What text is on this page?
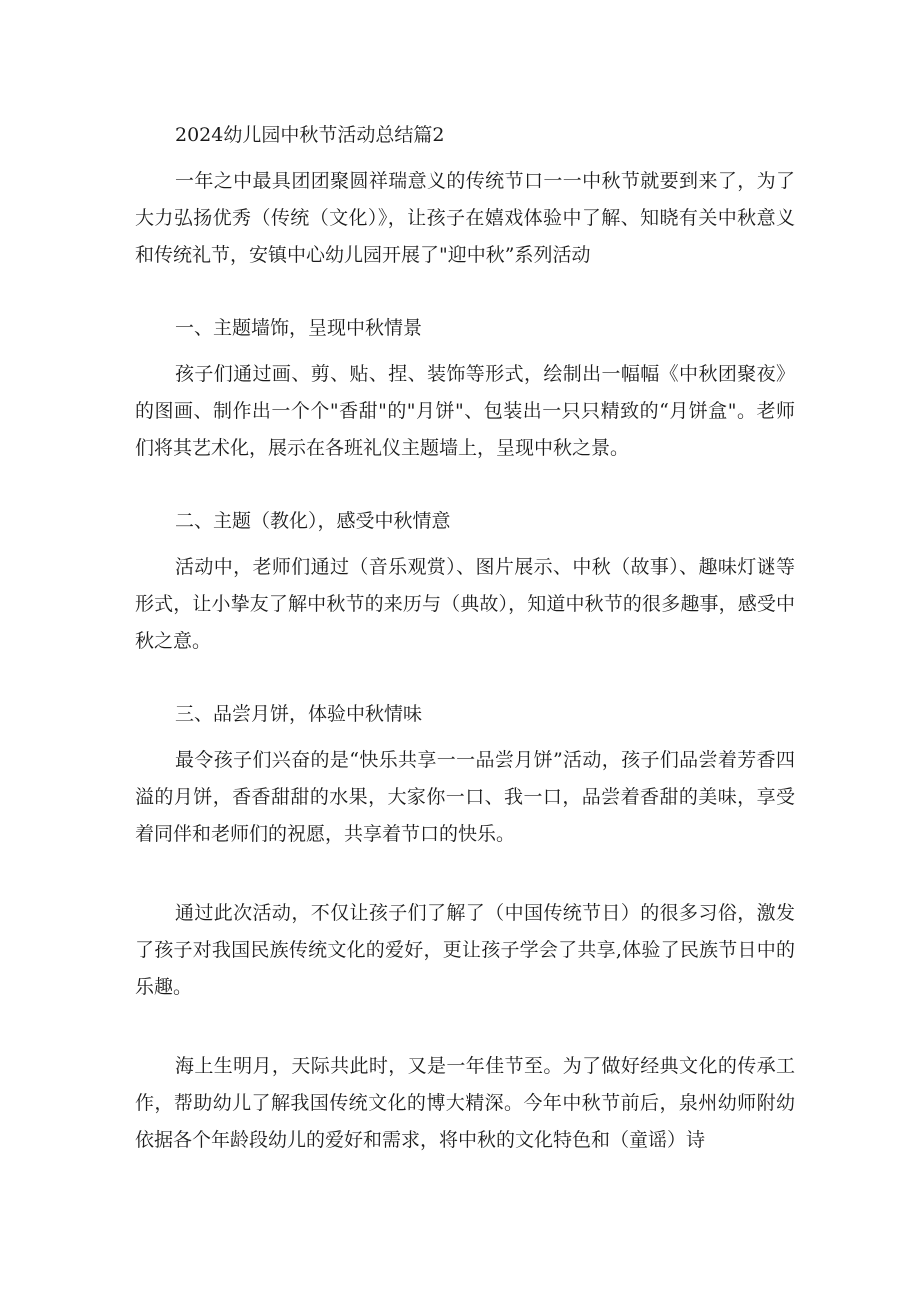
2024幼儿园中秋节活动总结篇2

一年之中最具团团聚圆祥瑞意义的传统节口一一中秋节就要到来了，为了大力弘扬优秀（传统（文化）》，让孩子在嬉戏体验中了解、知晓有关中秋意义和传统礼节，安镇中心幼儿园开展了"迎中秋”系列活动

一、主题墙饰，呈现中秋情景

孩子们通过画、剪、贴、捏、装饰等形式，绘制出一幅幅《中秋团聚夜》的图画、制作出一个个"香甜"的"月饼"、包装出一只只精致的“月饼盒"。老师们将其艺术化，展示在各班礼仪主题墙上，呈现中秋之景。

二、主题（教化），感受中秋情意

活动中，老师们通过（音乐观赏）、图片展示、中秋（故事）、趣味灯谜等形式，让小挚友了解中秋节的来历与（典故），知道中秋节的很多趣事，感受中秋之意。

三、品尝月饼，体验中秋情味

最令孩子们兴奋的是“快乐共享一一品尝月饼”活动，孩子们品尝着芳香四溢的月饼，香香甜甜的水果，大家你一口、我一口，品尝着香甜的美味，享受着同伴和老师们的祝愿，共享着节口的快乐。

通过此次活动，不仅让孩子们了解了（中国传统节日）的很多习俗，激发了孩子对我国民族传统文化的爱好，更让孩子学会了共享,体验了民族节日中的乐趣。

海上生明月，天际共此时，又是一年佳节至。为了做好经典文化的传承工作，帮助幼儿了解我国传统文化的博大精深。今年中秋节前后，泉州幼师附幼依据各个年龄段幼儿的爱好和需求，将中秋的文化特色和（童谣）诗
